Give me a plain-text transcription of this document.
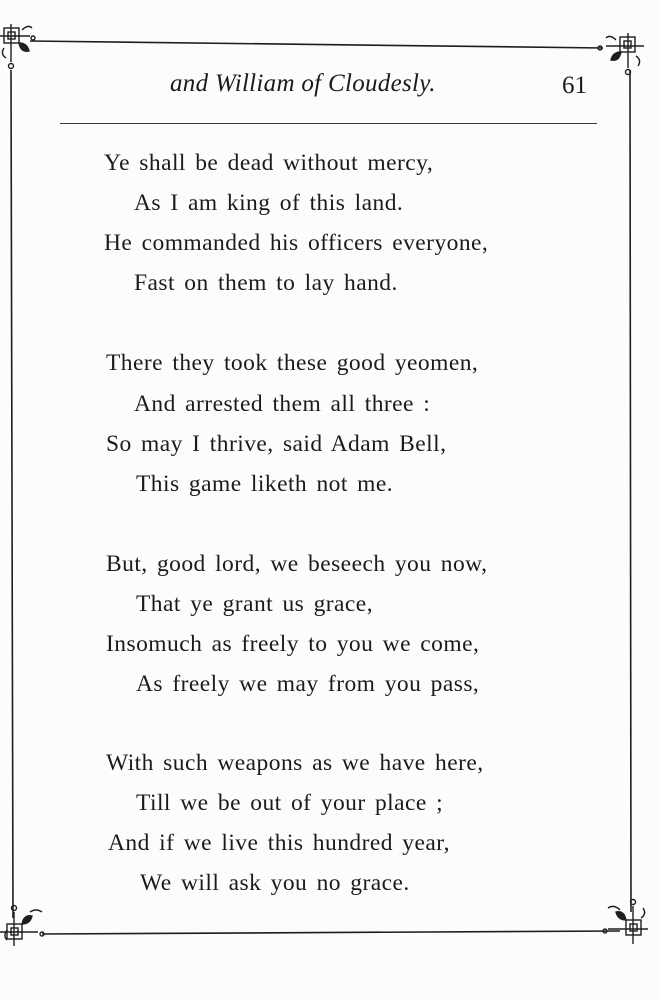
and William of Cloudesly.	61
Ye shall be dead without mercy,
As I am king of this land.
He commanded his officers everyone,
Fast on them to lay hand.
There they took these good yeomen,
And arrested them all three :
So may I thrive, said Adam Bell,
This game liketh not me.
But, good lord, we beseech you now,
That ye grant us grace,
Insomuch as freely to you we come,
As freely we may from you pass,
With such weapons as we have here,
Till we be out of your place ;
And if we live this hundred year,
We will ask you no grace.
